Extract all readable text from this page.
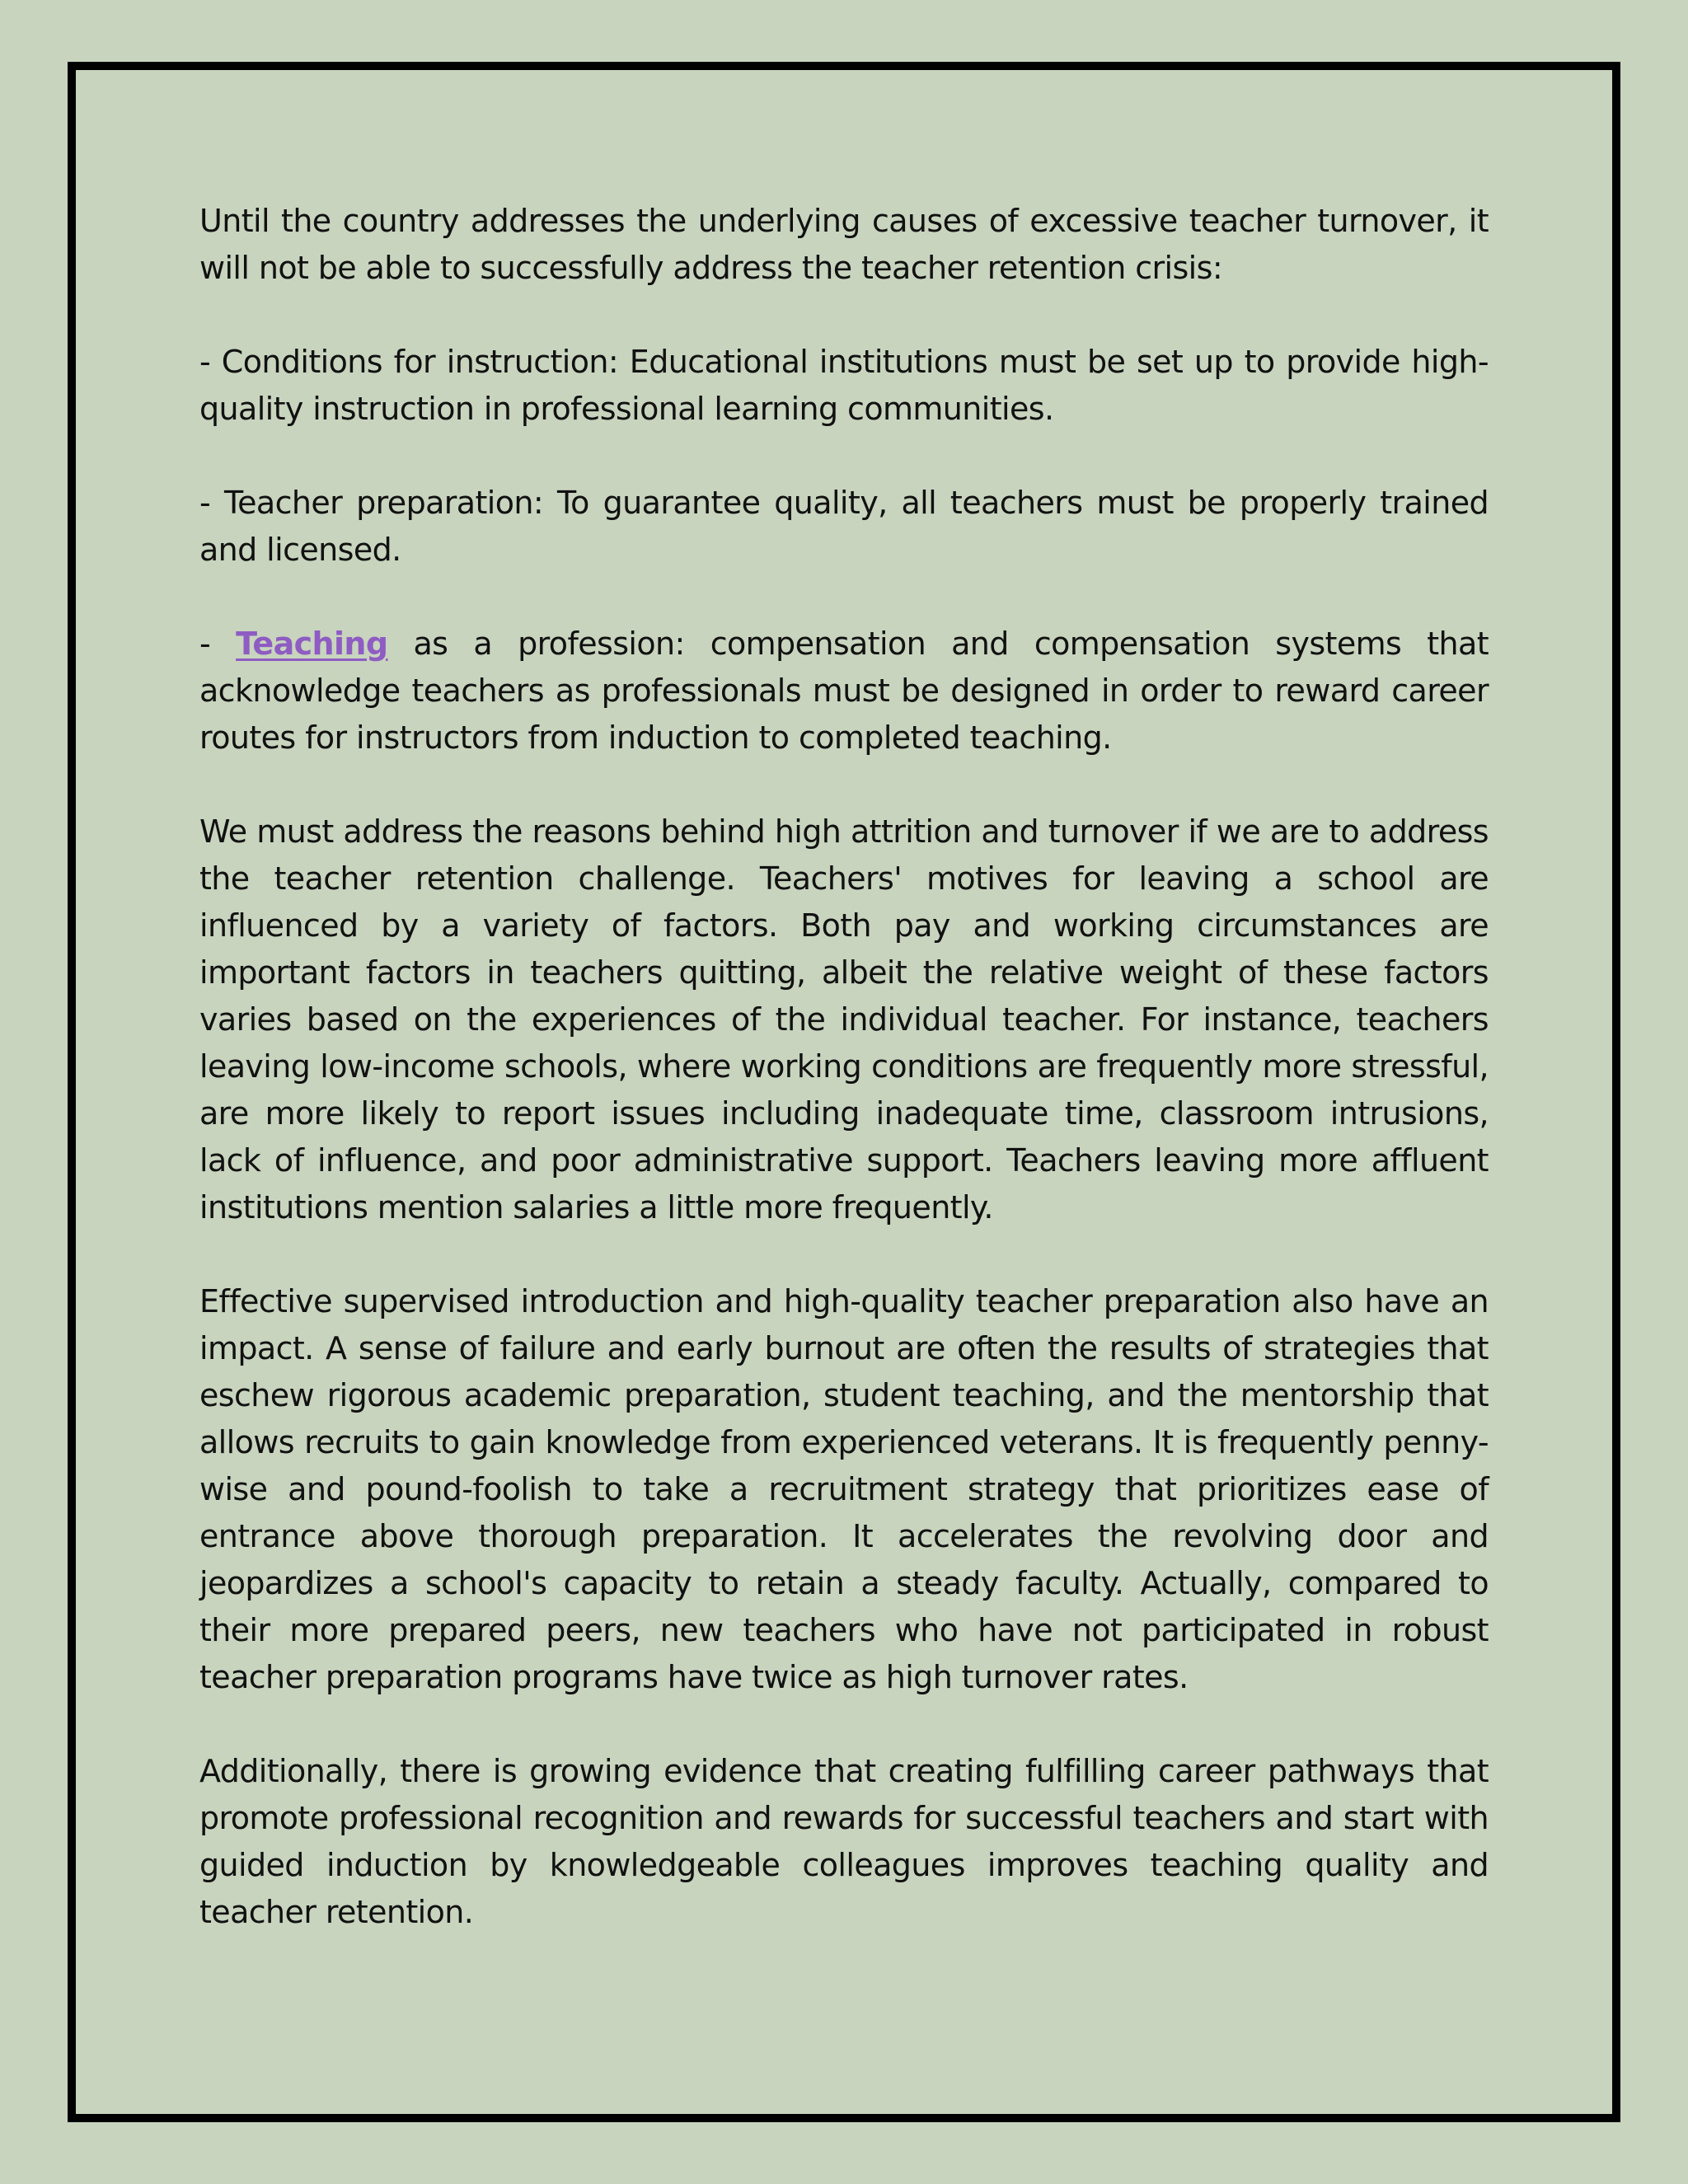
Until the country addresses the underlying causes of excessive teacher turnover, it will not be able to successfully address the teacher retention crisis:

- Conditions for instruction: Educational institutions must be set up to provide high-quality instruction in professional learning communities.

- Teacher preparation: To guarantee quality, all teachers must be properly trained and licensed.

- Teaching as a profession: compensation and compensation systems that acknowledge teachers as professionals must be designed in order to reward career routes for instructors from induction to completed teaching.

We must address the reasons behind high attrition and turnover if we are to address the teacher retention challenge. Teachers' motives for leaving a school are influenced by a variety of factors. Both pay and working circumstances are important factors in teachers quitting, albeit the relative weight of these factors varies based on the experiences of the individual teacher. For instance, teachers leaving low-income schools, where working conditions are frequently more stressful, are more likely to report issues including inadequate time, classroom intrusions, lack of influence, and poor administrative support. Teachers leaving more affluent institutions mention salaries a little more frequently.

Effective supervised introduction and high-quality teacher preparation also have an impact. A sense of failure and early burnout are often the results of strategies that eschew rigorous academic preparation, student teaching, and the mentorship that allows recruits to gain knowledge from experienced veterans. It is frequently penny-wise and pound-foolish to take a recruitment strategy that prioritizes ease of entrance above thorough preparation. It accelerates the revolving door and jeopardizes a school's capacity to retain a steady faculty. Actually, compared to their more prepared peers, new teachers who have not participated in robust teacher preparation programs have twice as high turnover rates.

Additionally, there is growing evidence that creating fulfilling career pathways that promote professional recognition and rewards for successful teachers and start with guided induction by knowledgeable colleagues improves teaching quality and teacher retention.
